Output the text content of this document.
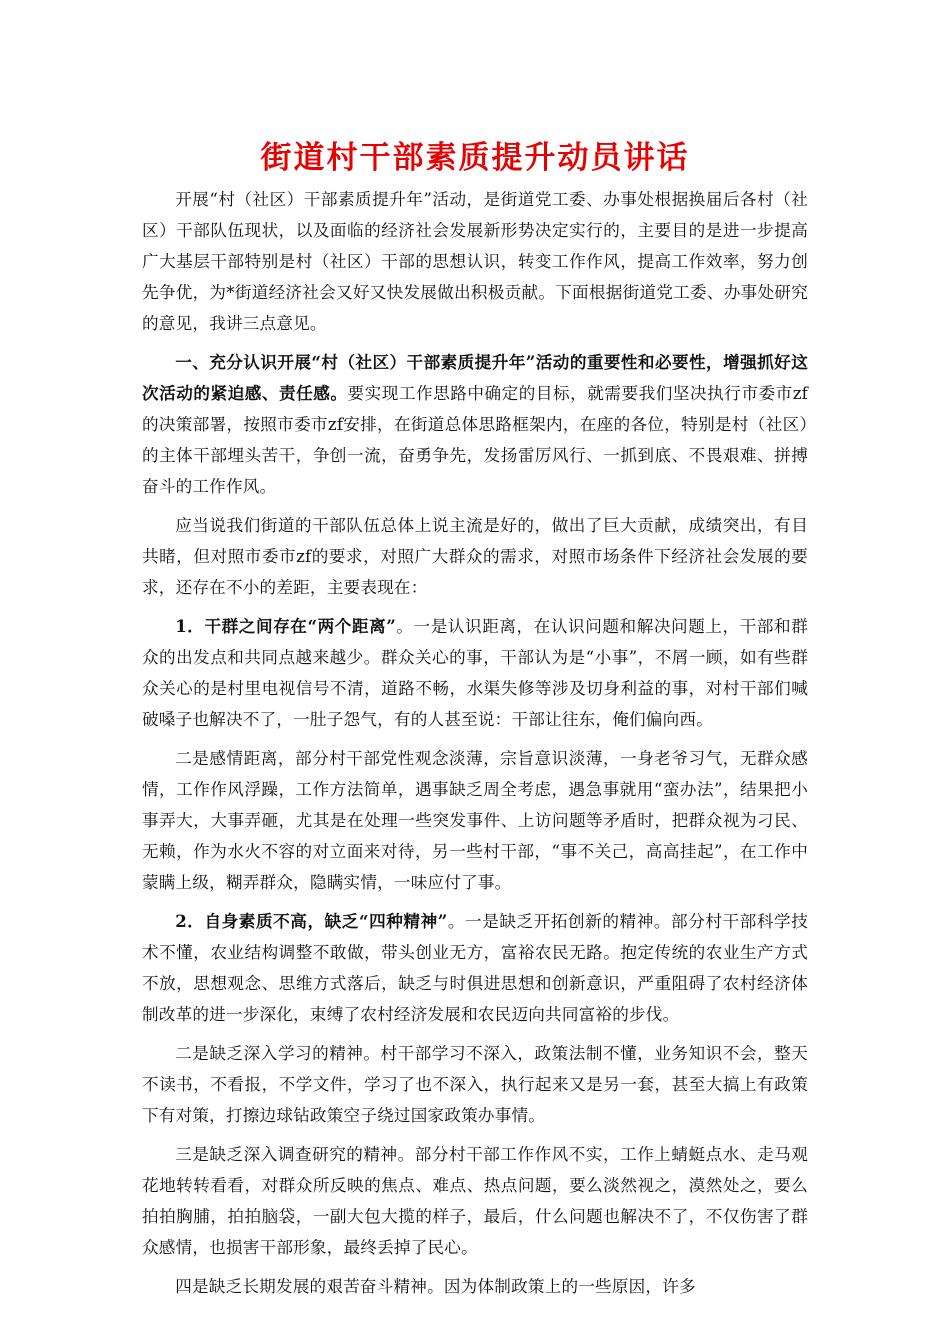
街道村干部素质提升动员讲话

开展“村（社区）干部素质提升年”活动，是街道党工委、办事处根据换届后各村（社区）干部队伍现状，以及面临的经济社会发展新形势决定实行的，主要目的是进一步提高广大基层干部特别是村（社区）干部的思想认识，转变工作作风，提高工作效率，努力创先争优，为*街道经济社会又好又快发展做出积极贡献。下面根据街道党工委、办事处研究的意见，我讲三点意见。

一、充分认识开展“村（社区）干部素质提升年”活动的重要性和必要性，增强抓好这次活动的紧迫感、责任感。要实现工作思路中确定的目标，就需要我们坚决执行市委市zf的决策部署，按照市委市zf安排，在街道总体思路框架内，在座的各位，特别是村（社区）的主体干部埋头苦干，争创一流，奋勇争先，发扬雷厉风行、一抓到底、不畏艰难、拼搏奋斗的工作作风。

应当说我们街道的干部队伍总体上说主流是好的，做出了巨大贡献，成绩突出，有目共睹，但对照市委市zf的要求，对照广大群众的需求，对照市场条件下经济社会发展的要求，还存在不小的差距，主要表现在：

1．干群之间存在“两个距离”。一是认识距离，在认识问题和解决问题上，干部和群众的出发点和共同点越来越少。群众关心的事，干部认为是“小事”，不屑一顾，如有些群众关心的是村里电视信号不清，道路不畅，水渠失修等涉及切身利益的事，对村干部们喊破嗓子也解决不了，一肚子怨气，有的人甚至说：干部让往东，俺们偏向西。

二是感情距离，部分村干部党性观念淡薄，宗旨意识淡薄，一身老爷习气，无群众感情，工作作风浮躁，工作方法简单，遇事缺乏周全考虑，遇急事就用“蛮办法”，结果把小事弄大，大事弄砸，尤其是在处理一些突发事件、上访问题等矛盾时，把群众视为刁民、无赖，作为水火不容的对立面来对待，另一些村干部，“事不关己，高高挂起”，在工作中蒙瞒上级，糊弄群众，隐瞒实情，一味应付了事。

2．自身素质不高，缺乏“四种精神”。一是缺乏开拓创新的精神。部分村干部科学技术不懂，农业结构调整不敢做，带头创业无方，富裕农民无路。抱定传统的农业生产方式不放，思想观念、思维方式落后，缺乏与时俱进思想和创新意识，严重阻碍了农村经济体制改革的进一步深化，束缚了农村经济发展和农民迈向共同富裕的步伐。

二是缺乏深入学习的精神。村干部学习不深入，政策法制不懂，业务知识不会，整天不读书，不看报，不学文件，学习了也不深入，执行起来又是另一套，甚至大搞上有政策下有对策，打擦边球钻政策空子绕过国家政策办事情。

三是缺乏深入调查研究的精神。部分村干部工作作风不实，工作上蜻蜓点水、走马观花地转转看看，对群众所反映的焦点、难点、热点问题，要么淡然视之，漠然处之，要么拍拍胸脯，拍拍脑袋，一副大包大揽的样子，最后，什么问题也解决不了，不仅伤害了群众感情，也损害干部形象，最终丢掉了民心。

四是缺乏长期发展的艰苦奋斗精神。因为体制政策上的一些原因，许多
